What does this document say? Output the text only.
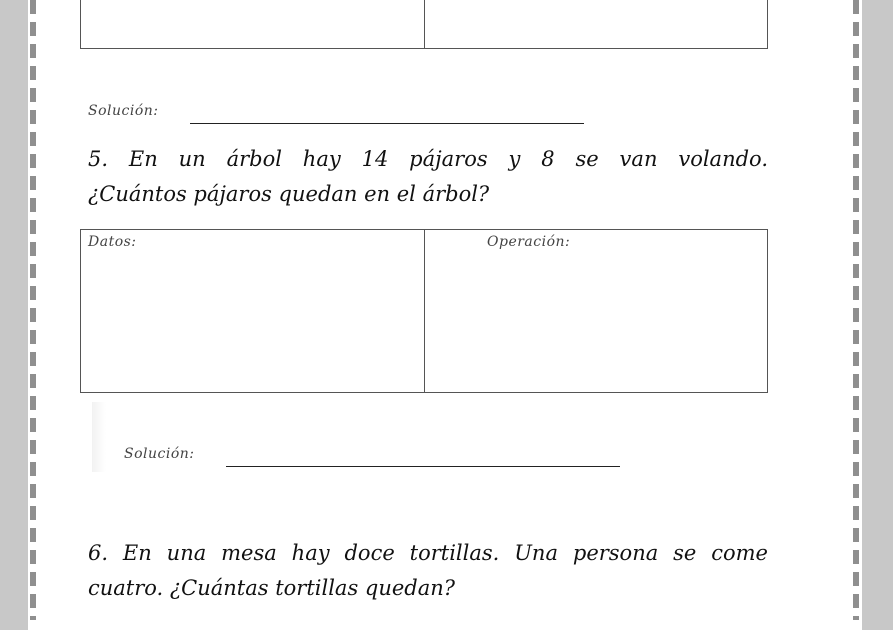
Solución:

5. En un árbol hay 14 pájaros y 8 se van volando.
¿Cuántos pájaros quedan en el árbol?

Datos:	Operación:
Solución:

6. En una mesa hay doce tortillas. Una persona se come
cuatro. ¿Cuántas tortillas quedan?
